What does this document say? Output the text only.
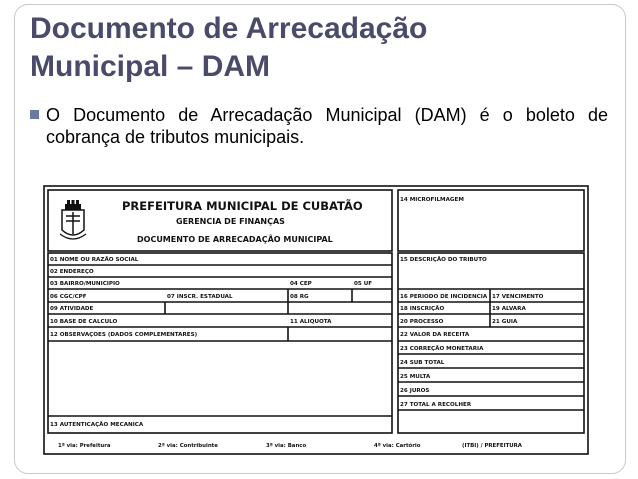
Documento de Arrecadação
Municipal – DAM
O Documento de Arrecadação Municipal (DAM) é o boleto de cobrança de tributos municipais.
PREFEITURA MUNICIPAL DE CUBATÃO
GERENCIA DE FINANÇAS
DOCUMENTO DE ARRECADAÇÃO MUNICIPAL
01 NOME OU RAZÃO SOCIAL
02 ENDEREÇO
03 BAIRRO/MUNICIPIO	04 CEP	05 UF
06 CGC/CPF	07 INSCR. ESTADUAL	08 RG
09 ATIVIDADE
10 BASE DE CALCULO	11 ALIQUOTA
12 OBSERVAÇOES (DADOS COMPLEMENTARES)
13 AUTENTICAÇÃO MECANICA
14 MICROFILMAGEM
15 DESCRIÇÃO DO TRIBUTO
16 PERIODO DE INCIDENCIA 17 VENCIMENTO
18 INSCRIÇÃO	19 ALVARA
20 PROCESSO	21 GUIA
22 VALOR DA RECEITA
23 CORREÇÃO MONETARIA
24 SUB TOTAL
25 MULTA
26 JUROS
27 TOTAL A RECOLHER
1ª via: Prefeitura	2ª via: Contribuinte	3ª via: Banco	4ª via: Cartório	(ITBI) / PREFEITURA
